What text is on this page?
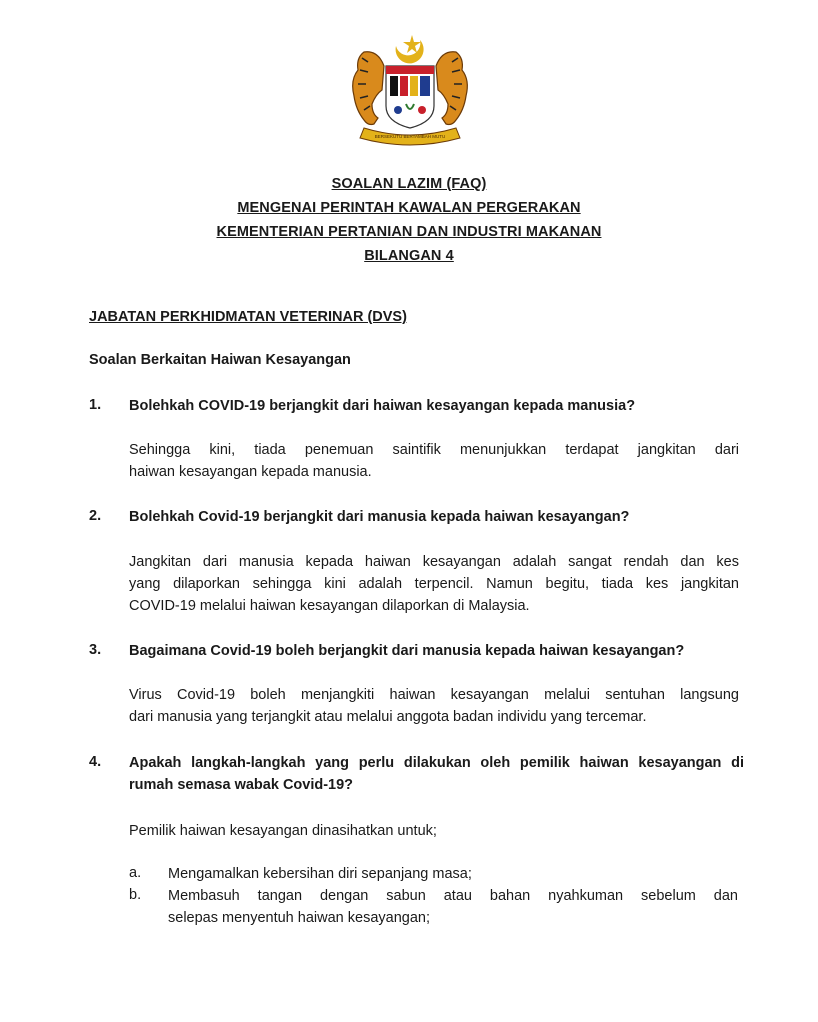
BERSEKUTU BERTAMBAH MUTU

SOALAN LAZIM (FAQ)

MENGENAI PERINTAH KAWALAN PERGERAKAN

KEMENTERIAN PERTANIAN DAN INDUSTRI MAKANAN

BILANGAN 4

JABATAN PERKHIDMATAN VETERINAR (DVS)
Soalan Berkaitan Haiwan Kesayangan
1. Bolehkah COVID-19 berjangkit dari haiwan kesayangan kepada manusia?
Sehingga kini, tiada penemuan saintifik menunjukkan terdapat jangkitan dari
haiwan kesayangan kepada manusia.
2. Bolehkah Covid-19 berjangkit dari manusia kepada haiwan kesayangan?
Jangkitan dari manusia kepada haiwan kesayangan adalah sangat rendah dan kes
yang dilaporkan sehingga kini adalah terpencil. Namun begitu, tiada kes jangkitan
COVID-19 melalui haiwan kesayangan dilaporkan di Malaysia.
3. Bagaimana Covid-19 boleh berjangkit dari manusia kepada haiwan kesayangan?
Virus Covid-19 boleh menjangkiti haiwan kesayangan melalui sentuhan langsung
dari manusia yang terjangkit atau melalui anggota badan individu yang tercemar.
4. Apakah langkah-langkah yang perlu dilakukan oleh pemilik haiwan kesayangan di
rumah semasa wabak Covid-19?
Pemilik haiwan kesayangan dinasihatkan untuk;
a. Mengamalkan kebersihan diri sepanjang masa;
b. Membasuh tangan dengan sabun atau bahan nyahkuman sebelum dan
selepas menyentuh haiwan kesayangan;
